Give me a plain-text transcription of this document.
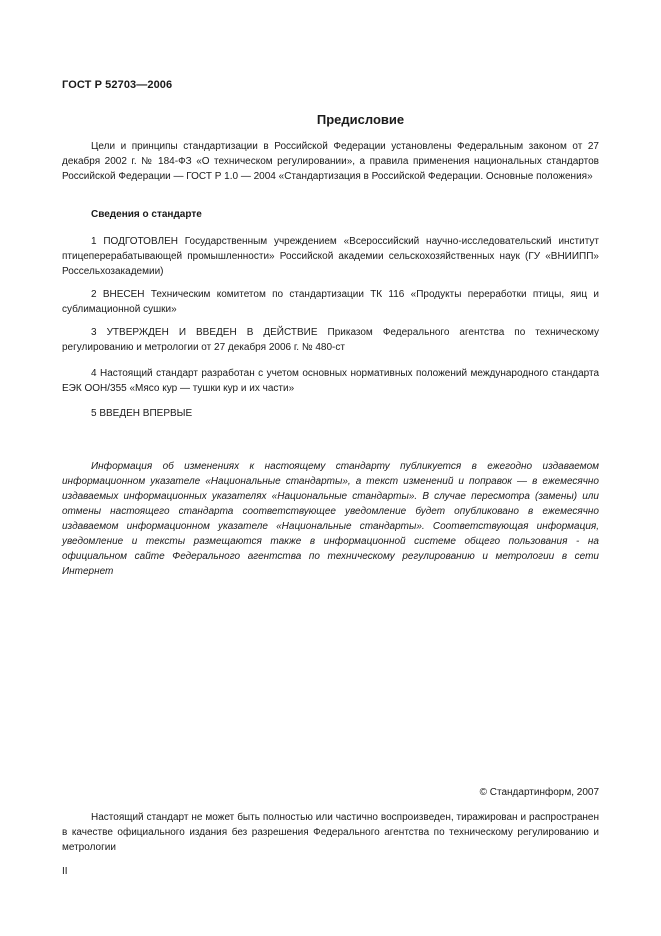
ГОСТ Р 52703—2006
Предисловие
Цели и принципы стандартизации в Российской Федерации установлены Федеральным законом от 27 декабря 2002 г. № 184-ФЗ «О техническом регулировании», а правила применения национальных стандартов Российской Федерации — ГОСТ Р 1.0 — 2004 «Стандартизация в Российской Федерации. Основные положения»
Сведения о стандарте
1 ПОДГОТОВЛЕН Государственным учреждением «Всероссийский научно-исследовательский институт птицеперерабатывающей промышленности» Российской академии сельскохозяйственных наук (ГУ «ВНИИПП» Россельхозакадемии)
2 ВНЕСЕН Техническим комитетом по стандартизации ТК 116 «Продукты переработки птицы, яиц и сублимационной сушки»
3 УТВЕРЖДЕН И ВВЕДЕН В ДЕЙСТВИЕ Приказом Федерального агентства по техническому регулированию и метрологии от 27 декабря 2006 г. № 480-ст
4 Настоящий стандарт разработан с учетом основных нормативных положений международного стандарта ЕЭК ООН/355 «Мясо кур — тушки кур и их части»
5 ВВЕДЕН ВПЕРВЫЕ
Информация об изменениях к настоящему стандарту публикуется в ежегодно издаваемом информационном указателе «Национальные стандарты», а текст изменений и поправок — в ежемесячно издаваемых информационных указателях «Национальные стандарты». В случае пересмотра (замены) или отмены настоящего стандарта соответствующее уведомление будет опубликовано в ежемесячно издаваемом информационном указателе «Национальные стандарты». Соответствующая информация, уведомление и тексты размещаются также в информационной системе общего пользования - на официальном сайте Федерального агентства по техническому регулированию и метрологии в сети Интернет
© Стандартинформ, 2007
Настоящий стандарт не может быть полностью или частично воспроизведен, тиражирован и распространен в качестве официального издания без разрешения Федерального агентства по техническому регулированию и метрологии
II
